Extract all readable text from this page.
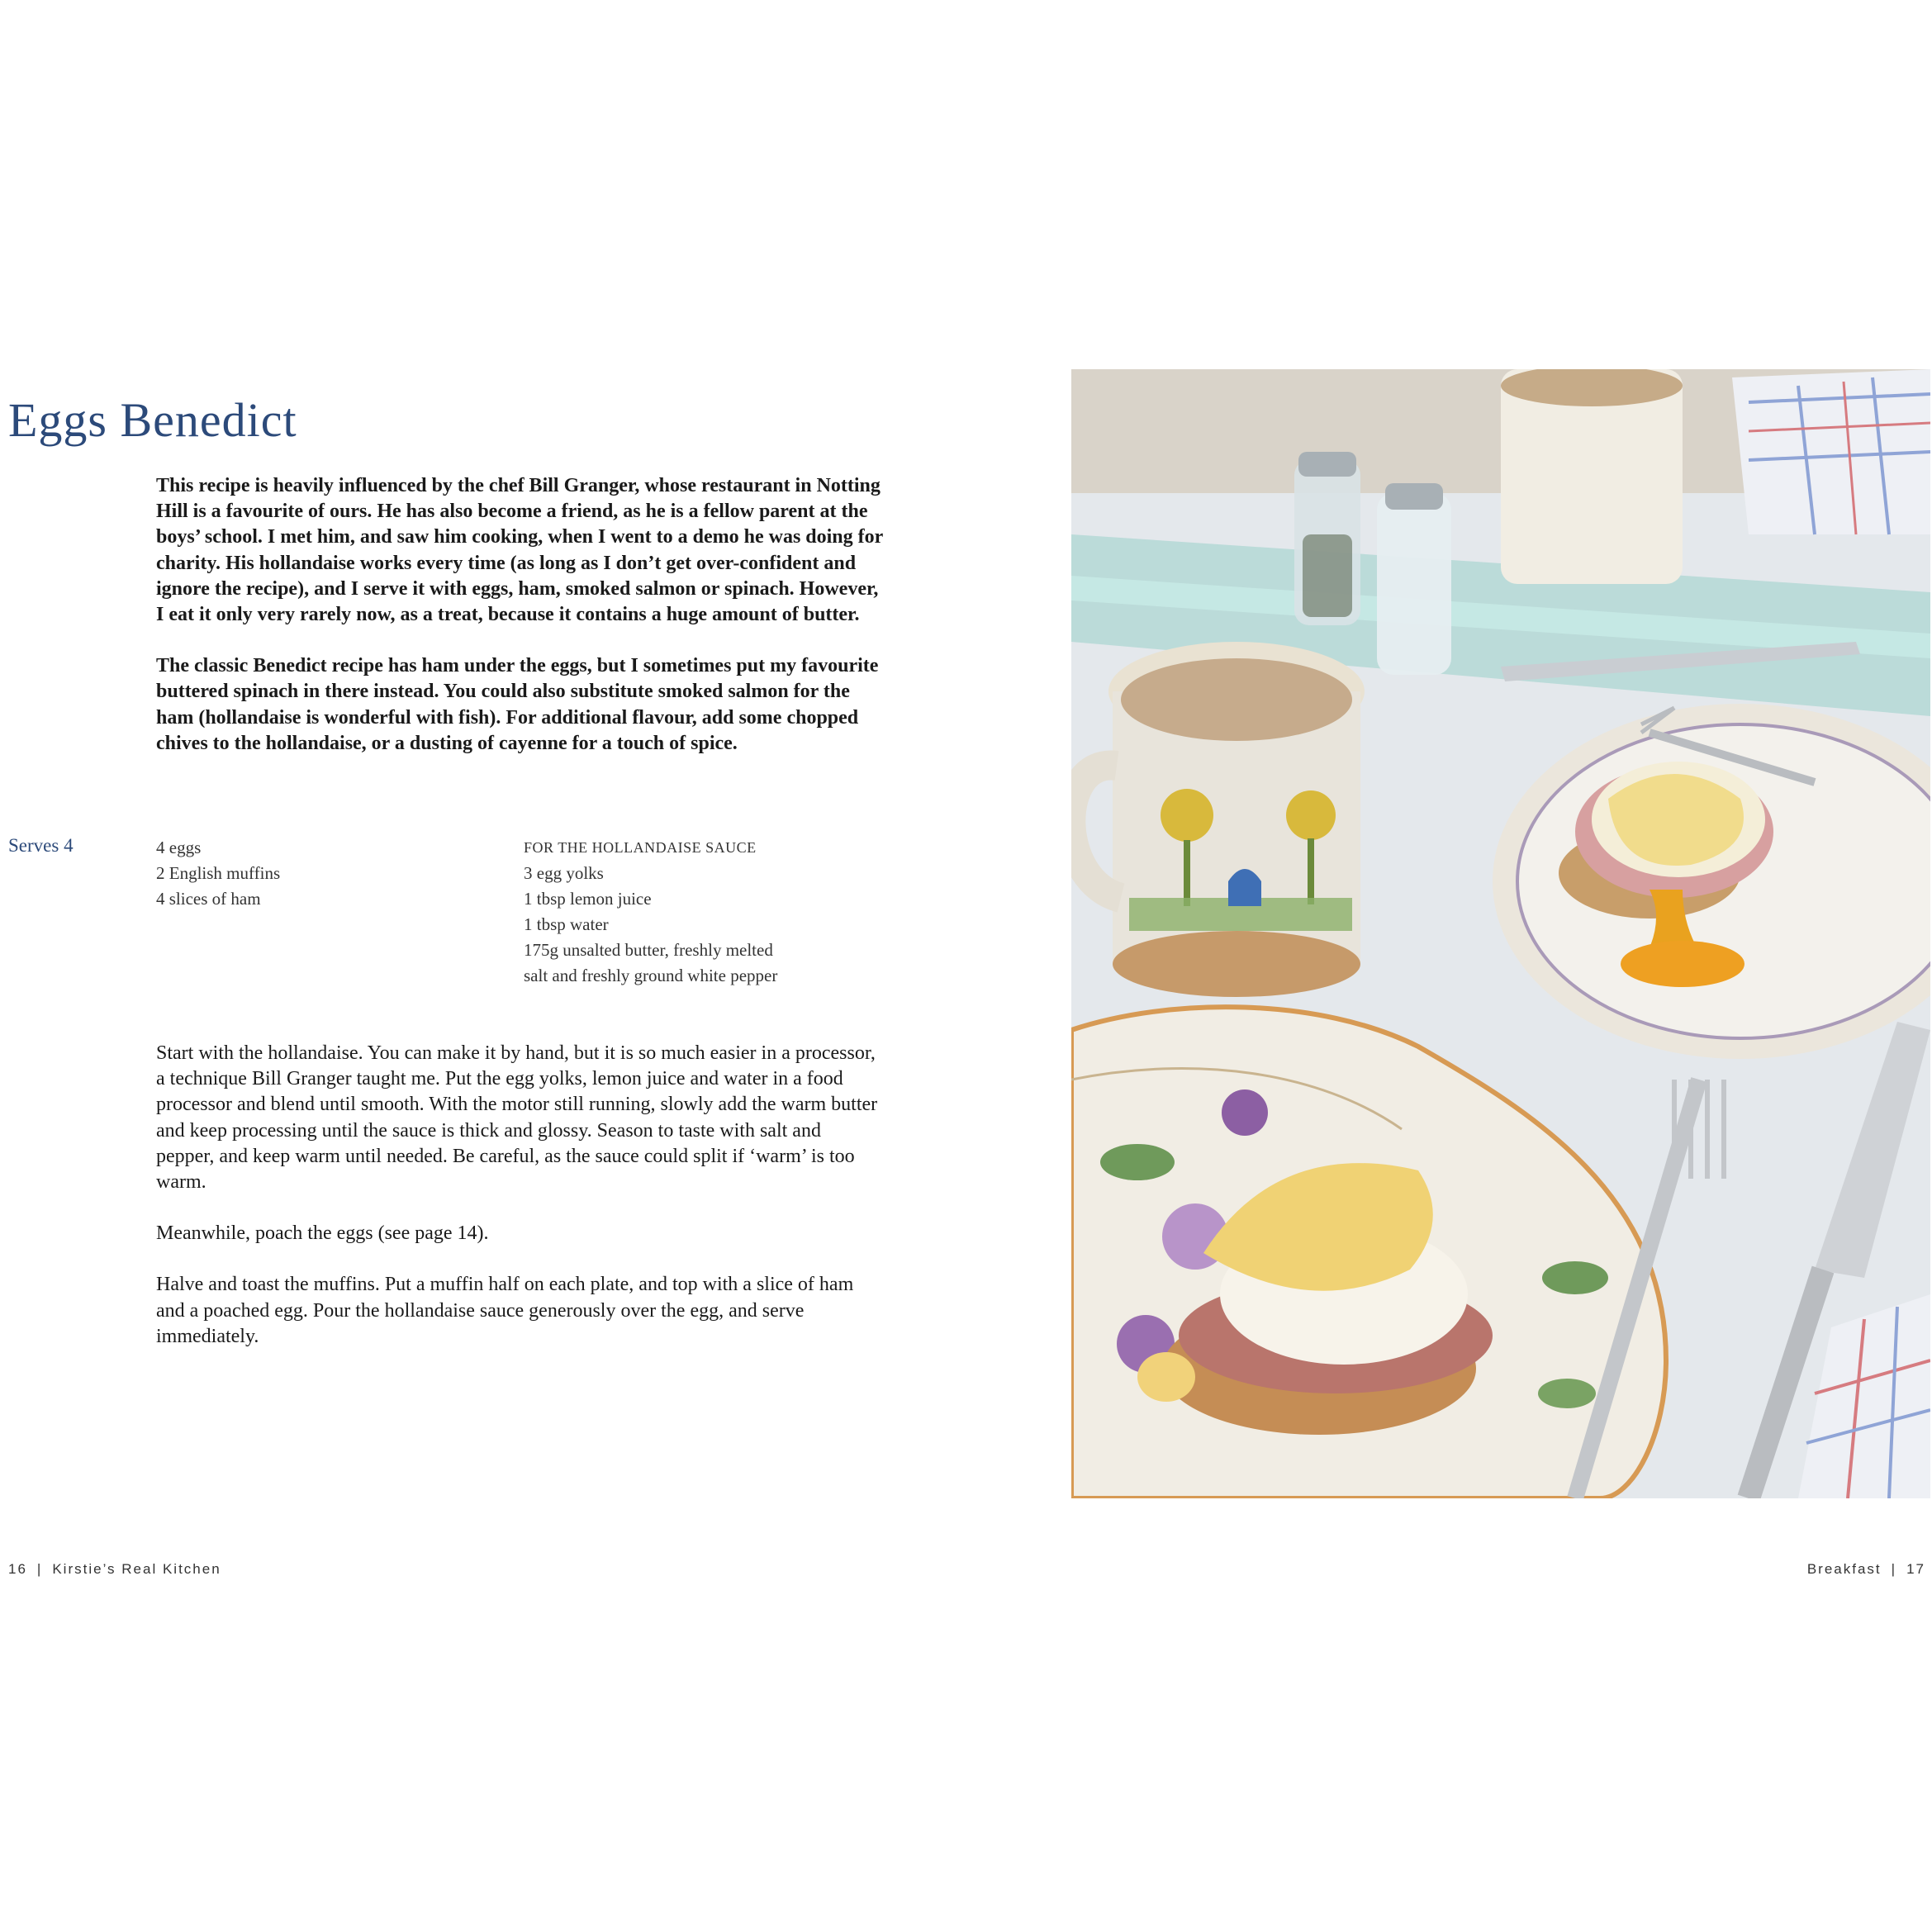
Eggs Benedict

This recipe is heavily influenced by the chef Bill Granger, whose restaurant in Notting Hill is a favourite of ours. He has also become a friend, as he is a fellow parent at the boys’ school. I met him, and saw him cooking, when I went to a demo he was doing for charity. His hollandaise works every time (as long as I don’t get over-confident and ignore the recipe), and I serve it with eggs, ham, smoked salmon or spinach. However, I eat it only very rarely now, as a treat, because it contains a huge amount of butter.

The classic Benedict recipe has ham under the eggs, but I sometimes put my favourite buttered spinach in there instead. You could also substitute smoked salmon for the ham (hollandaise is wonderful with fish). For additional flavour, add some chopped chives to the hollandaise, or a dusting of cayenne for a touch of spice.

Serves 4	4 eggs
2 English muffins
4 slices of ham
FOR THE HOLLANDAISE SAUCE
3 egg yolks
1 tbsp lemon juice
1 tbsp water
175g unsalted butter, freshly melted
salt and freshly ground white pepper

Start with the hollandaise. You can make it by hand, but it is so much easier in a processor, a technique Bill Granger taught me. Put the egg yolks, lemon juice and water in a food processor and blend until smooth. With the motor still running, slowly add the warm butter and keep processing until the sauce is thick and glossy. Season to taste with salt and pepper, and keep warm until needed. Be careful, as the sauce could split if ‘warm’ is too warm.

Meanwhile, poach the eggs (see page 14).

Halve and toast the muffins. Put a muffin half on each plate, and top with a slice of ham and a poached egg. Pour the hollandaise sauce generously over the egg, and serve immediately.

16 | Kirstie’s Real Kitchen	Breakfast | 17
